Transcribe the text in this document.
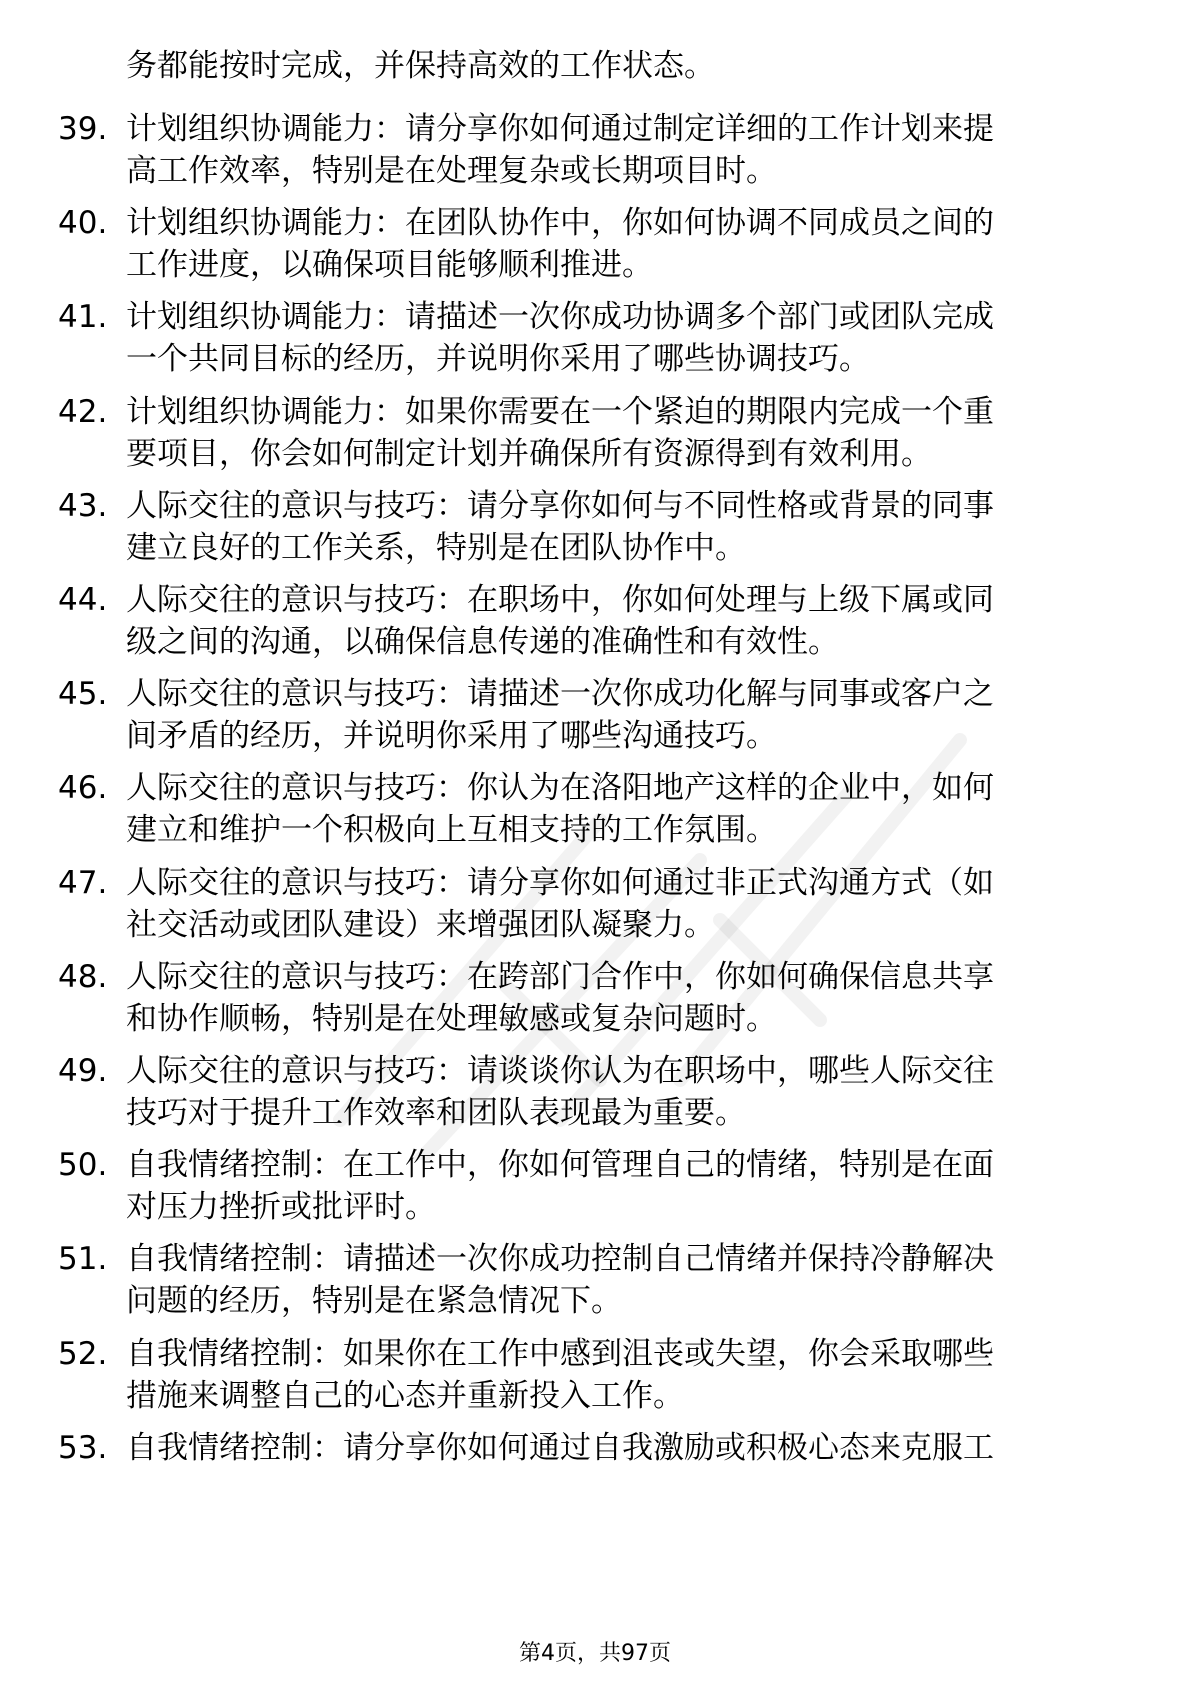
务都能按时完成，并保持高效的工作状态。
39. 计划组织协调能力：请分享你如何通过制定详细的工作计划来提
高工作效率，特别是在处理复杂或长期项目时。
40. 计划组织协调能力：在团队协作中，你如何协调不同成员之间的
工作进度，以确保项目能够顺利推进。
41. 计划组织协调能力：请描述一次你成功协调多个部门或团队完成
一个共同目标的经历，并说明你采用了哪些协调技巧。
42. 计划组织协调能力：如果你需要在一个紧迫的期限内完成一个重
要项目，你会如何制定计划并确保所有资源得到有效利用。
43. 人际交往的意识与技巧：请分享你如何与不同性格或背景的同事
建立良好的工作关系，特别是在团队协作中。
44. 人际交往的意识与技巧：在职场中，你如何处理与上级下属或同
级之间的沟通，以确保信息传递的准确性和有效性。
45. 人际交往的意识与技巧：请描述一次你成功化解与同事或客户之
间矛盾的经历，并说明你采用了哪些沟通技巧。
46. 人际交往的意识与技巧：你认为在洛阳地产这样的企业中，如何
建立和维护一个积极向上互相支持的工作氛围。
47. 人际交往的意识与技巧：请分享你如何通过非正式沟通方式（如
社交活动或团队建设）来增强团队凝聚力。
48. 人际交往的意识与技巧：在跨部门合作中，你如何确保信息共享
和协作顺畅，特别是在处理敏感或复杂问题时。
49. 人际交往的意识与技巧：请谈谈你认为在职场中，哪些人际交往
技巧对于提升工作效率和团队表现最为重要。
50. 自我情绪控制：在工作中，你如何管理自己的情绪，特别是在面
对压力挫折或批评时。
51. 自我情绪控制：请描述一次你成功控制自己情绪并保持冷静解决
问题的经历，特别是在紧急情况下。
52. 自我情绪控制：如果你在工作中感到沮丧或失望，你会采取哪些
措施来调整自己的心态并重新投入工作。
53. 自我情绪控制：请分享你如何通过自我激励或积极心态来克服工
第4页，共97页
